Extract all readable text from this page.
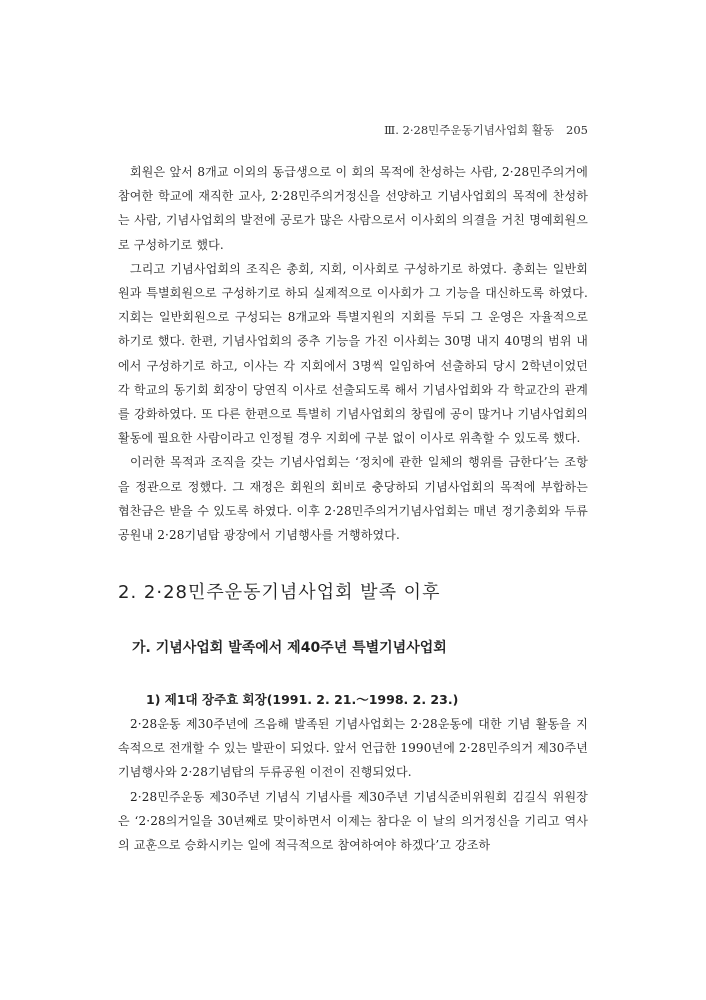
Ⅲ. 2·28민주운동기념사업회 활동 205

회원은 앞서 8개교 이외의 동급생으로 이 회의 목적에 찬성하는 사람, 2·28민주의거에 참여한 학교에 재직한 교사, 2·28민주의거정신을 선양하고 기념사업회의 목적에 찬성하는 사람, 기념사업회의 발전에 공로가 많은 사람으로서 이사회의 의결을 거친 명예회원으로 구성하기로 했다.

그리고 기념사업회의 조직은 총회, 지회, 이사회로 구성하기로 하였다. 총회는 일반회원과 특별회원으로 구성하기로 하되 실제적으로 이사회가 그 기능을 대신하도록 하였다. 지회는 일반회원으로 구성되는 8개교와 특별지원의 지회를 두되 그 운영은 자율적으로 하기로 했다. 한편, 기념사업회의 중추 기능을 가진 이사회는 30명 내지 40명의 범위 내에서 구성하기로 하고, 이사는 각 지회에서 3명씩 일임하여 선출하되 당시 2학년이었던 각 학교의 동기회 회장이 당연직 이사로 선출되도록 해서 기념사업회와 각 학교간의 관계를 강화하였다. 또 다른 한편으로 특별히 기념사업회의 창립에 공이 많거나 기념사업회의 활동에 필요한 사람이라고 인정될 경우 지회에 구분 없이 이사로 위촉할 수 있도록 했다.

이러한 목적과 조직을 갖는 기념사업회는 ‘정치에 관한 일체의 행위를 금한다’는 조항을 정관으로 정했다. 그 재정은 회원의 회비로 충당하되 기념사업회의 목적에 부합하는 협찬금은 받을 수 있도록 하였다. 이후 2·28민주의거기념사업회는 매년 정기총회와 두류공원내 2·28기념탑 광장에서 기념행사를 거행하였다.

2. 2·28민주운동기념사업회 발족 이후
가. 기념사업회 발족에서 제40주년 특별기념사업회
1) 제1대 장주효 회장(1991. 2. 21.～1998. 2. 23.)

2·28운동 제30주년에 즈음해 발족된 기념사업회는 2·28운동에 대한 기념 활동을 지속적으로 전개할 수 있는 발판이 되었다. 앞서 언급한 1990년에 2·28민주의거 제30주년 기념행사와 2·28기념탑의 두류공원 이전이 진행되었다.

2·28민주운동 제30주년 기념식 기념사를 제30주년 기념식준비위원회 김길식 위원장은 ‘2·28의거일을 30년째로 맞이하면서 이제는 참다운 이 날의 의거정신을 기리고 역사의 교훈으로 승화시키는 일에 적극적으로 참여하여야 하겠다’고 강조하
